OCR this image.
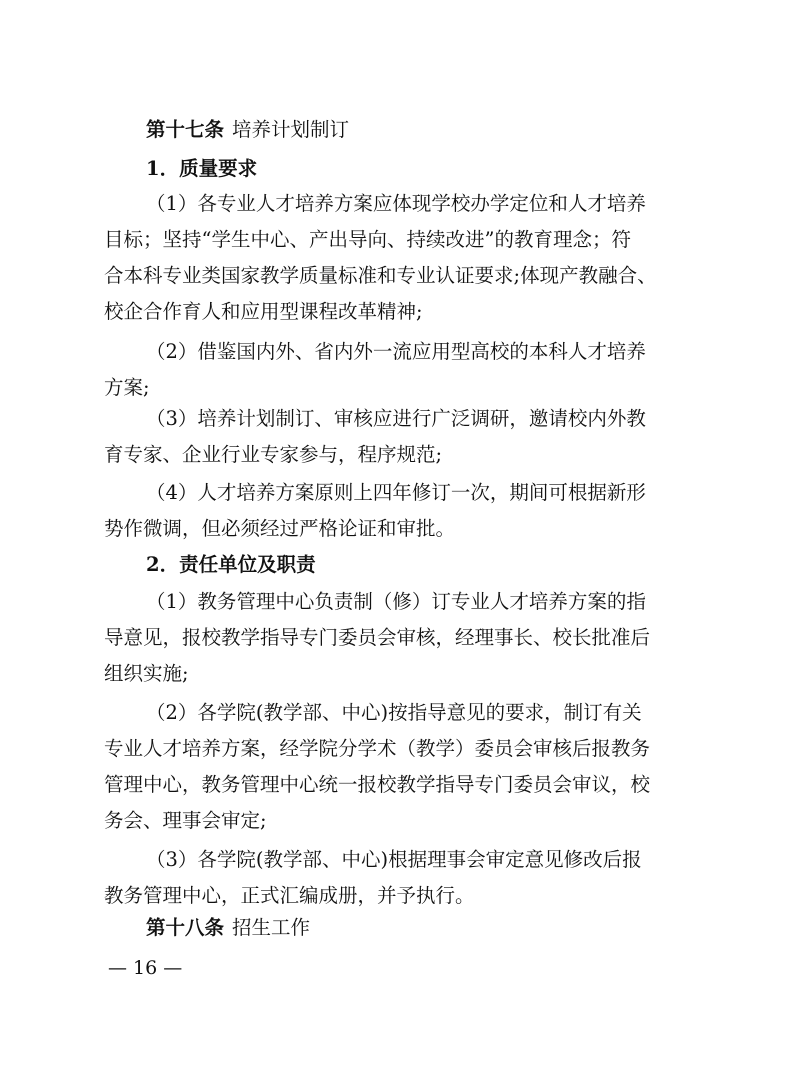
第十七条 培养计划制订
1．质量要求
（1）各专业人才培养方案应体现学校办学定位和人才培养
目标；坚持“学生中心、产出导向、持续改进”的教育理念；符
合本科专业类国家教学质量标准和专业认证要求;体现产教融合、
校企合作育人和应用型课程改革精神;
（2）借鉴国内外、省内外一流应用型高校的本科人才培养
方案;
（3）培养计划制订、审核应进行广泛调研，邀请校内外教
育专家、企业行业专家参与，程序规范;
（4）人才培养方案原则上四年修订一次，期间可根据新形
势作微调，但必须经过严格论证和审批。
2．责任单位及职责
（1）教务管理中心负责制（修）订专业人才培养方案的指
导意见，报校教学指导专门委员会审核，经理事长、校长批准后
组织实施;
（2）各学院(教学部、中心)按指导意见的要求，制订有关
专业人才培养方案，经学院分学术（教学）委员会审核后报教务
管理中心，教务管理中心统一报校教学指导专门委员会审议，校
务会、理事会审定;
（3）各学院(教学部、中心)根据理事会审定意见修改后报
教务管理中心，正式汇编成册，并予执行。
第十八条 招生工作
— 16 —
